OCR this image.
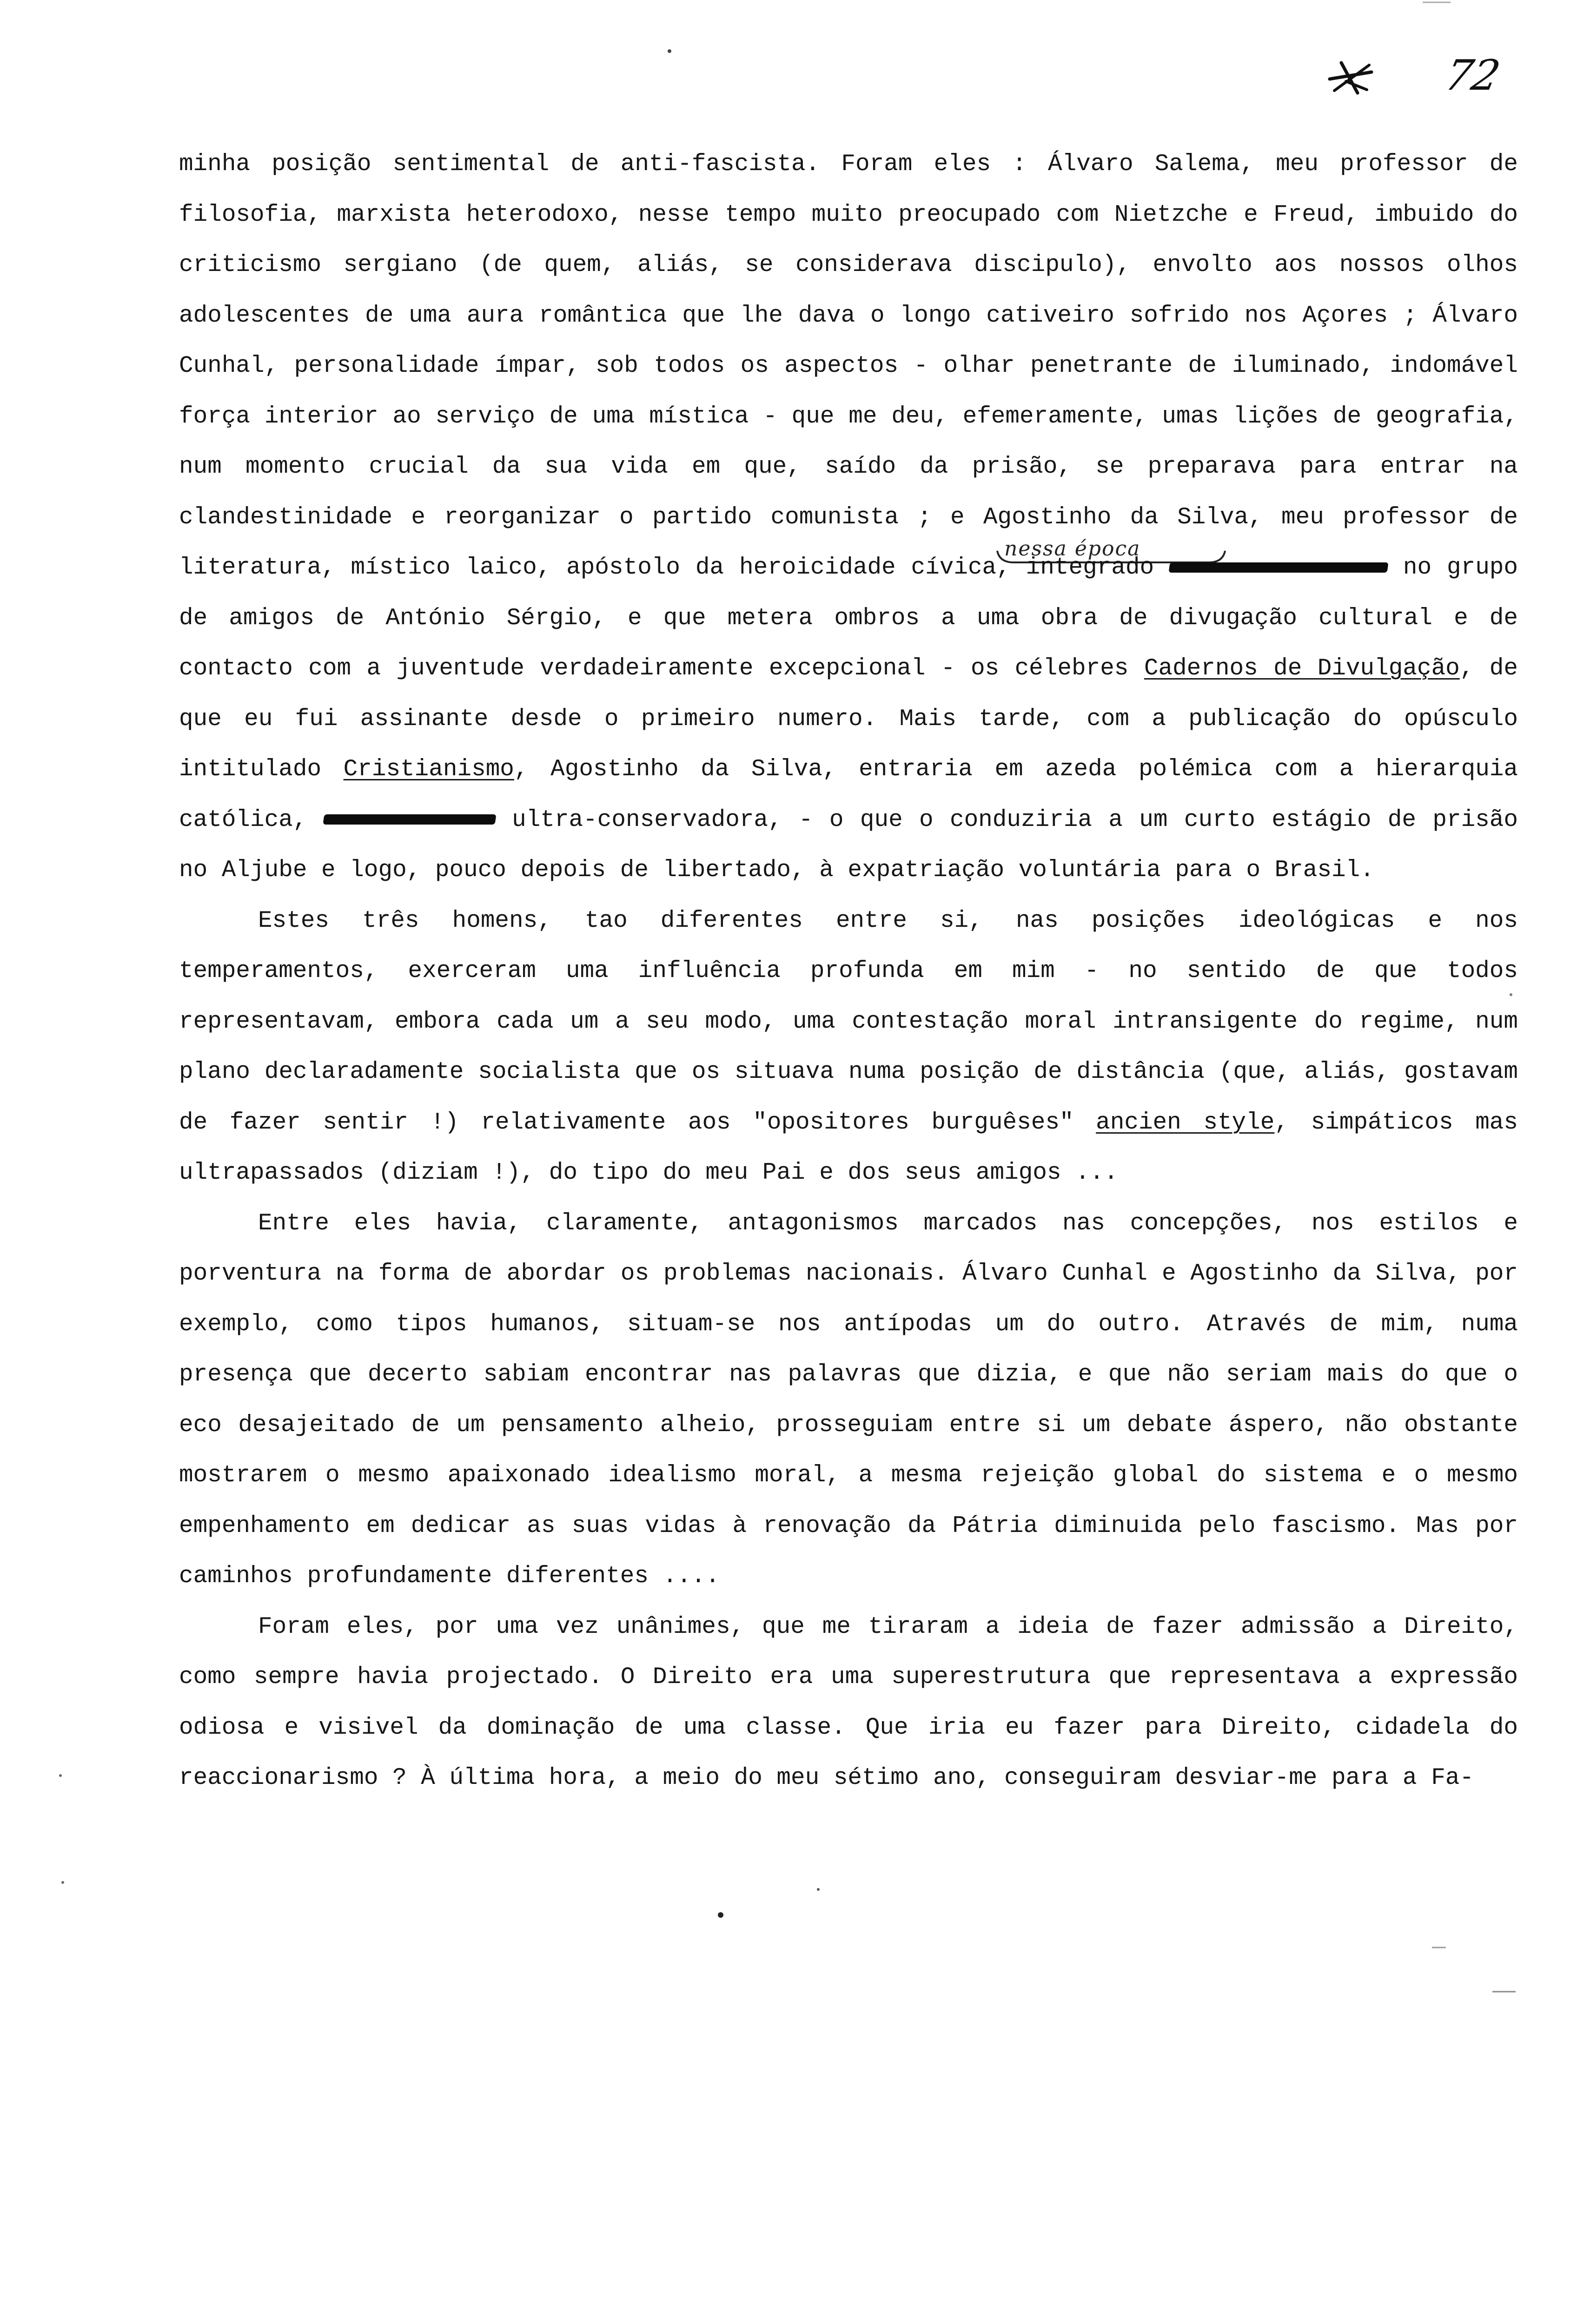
72
nessa época

minha posição sentimental de anti-fascista. Foram eles : Álvaro Salema, meu professor de filosofia, marxista heterodoxo, nesse tempo muito preocupado com Nietzche e Freud, imbuido do criticismo sergiano (de quem, aliás, se considerava discipulo), envolto aos nossos olhos adolescentes de uma aura romântica que lhe dava o longo cativeiro sofrido nos Açores ; Álvaro Cunhal, personalidade ímpar, sob todos os aspectos - olhar penetrante de iluminado, indomável força interior ao serviço de uma mística - que me deu, efemeramente, umas lições de geografia, num momento crucial da sua vida em que, saído da prisão, se preparava para entrar na clandestinidade e reorganizar o partido comunista ; e Agostinho da Silva, meu professor de literatura, místico laico, apóstolo da heroicidade cívica, integrado	no grupo de amigos de António Sérgio, e que metera ombros a uma obra de divugação cultural e de contacto com a juventude verdadeiramente excepcional - os célebres Cadernos de Divulgação, de que eu fui assinante desde o primeiro numero. Mais tarde, com a publicação do opúsculo intitulado Cristianismo, Agostinho da Silva, entraria em azeda polémica com a hierarquia católica,	ultra-conservadora, - o que o conduziria a um curto estágio de prisão no Aljube e logo, pouco depois de libertado, à expatriação voluntária para o Brasil.

Estes três homens, tao diferentes entre si, nas posições ideológicas e nos temperamentos, exerceram uma influência profunda em mim - no sentido de que todos representavam, embora cada um a seu modo, uma contestação moral intransigente do regime, num plano declaradamente socialista que os situava numa posição de distância (que, aliás, gostavam de fazer sentir !) relativamente aos "opositores burguêses" ancien style, simpáticos mas ultrapassados (diziam !), do tipo do meu Pai e dos seus amigos ...

Entre eles havia, claramente, antagonismos marcados nas concepções, nos estilos e porventura na forma de abordar os problemas nacionais. Álvaro Cunhal e Agostinho da Silva, por exemplo, como tipos humanos, situam-se nos antípodas um do outro. Através de mim, numa presença que decerto sabiam encontrar nas palavras que dizia, e que não seriam mais do que o eco desajeitado de um pensamento alheio, prosseguiam entre si um debate áspero, não obstante mostrarem o mesmo apaixonado idealismo moral, a mesma rejeição global do sistema e o mesmo empenhamento em dedicar as suas vidas à renovação da Pátria diminuida pelo fascismo. Mas por caminhos profundamente diferentes ....

Foram eles, por uma vez unânimes, que me tiraram a ideia de fazer admissão a Direito, como sempre havia projectado. O Direito era uma superestrutura que representava a expressão odiosa e visivel da dominação de uma classe. Que iria eu fazer para Direito, cidadela do reaccionarismo ? À última hora, a meio do meu sétimo ano, conseguiram desviar-me para a Fa-
